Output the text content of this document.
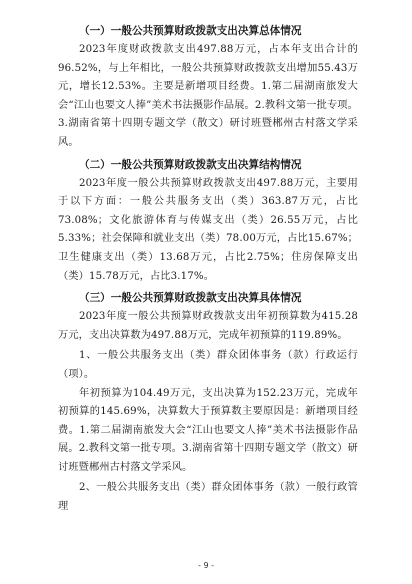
（一）一般公共预算财政拨款支出决算总体情况

2023年度财政拨款支出497.88万元，占本年支出合计的96.52%，与上年相比，一般公共预算财政拨款支出增加55.43万元，增长12.53%。主要是新增项目经费。1.第二届湖南旅发大会“江山也要文人捧”美术书法摄影作品展。2.教科文第一批专项。3.湖南省第十四期专题文学（散文）研讨班暨郴州古村落文学采风。

（二）一般公共预算财政拨款支出决算结构情况

2023年度一般公共预算财政拨款支出497.88万元，主要用于以下方面：一般公共服务支出（类）363.87万元，占比73.08%；文化旅游体育与传媒支出（类）26.55万元，占比5.33%；社会保障和就业支出（类）78.00万元，占比15.67%；卫生健康支出（类）13.68万元，占比2.75%；住房保障支出（类）15.78万元，占比3.17%。

（三）一般公共预算财政拨款支出决算具体情况

2023年度一般公共预算财政拨款支出年初预算数为415.28万元，支出决算数为497.88万元，完成年初预算的119.89%。

1、一般公共服务支出（类）群众团体事务（款）行政运行（项）。

年初预算为104.49万元，支出决算为152.23万元，完成年初预算的145.69%，决算数大于预算数主要原因是：新增项目经费。1.第二届湖南旅发大会“江山也要文人捧”美术书法摄影作品展。2.教科文第一批专项。3.湖南省第十四期专题文学（散文）研讨班暨郴州古村落文学采风。

2、一般公共服务支出（类）群众团体事务（款）一般行政管理

- 9 -
